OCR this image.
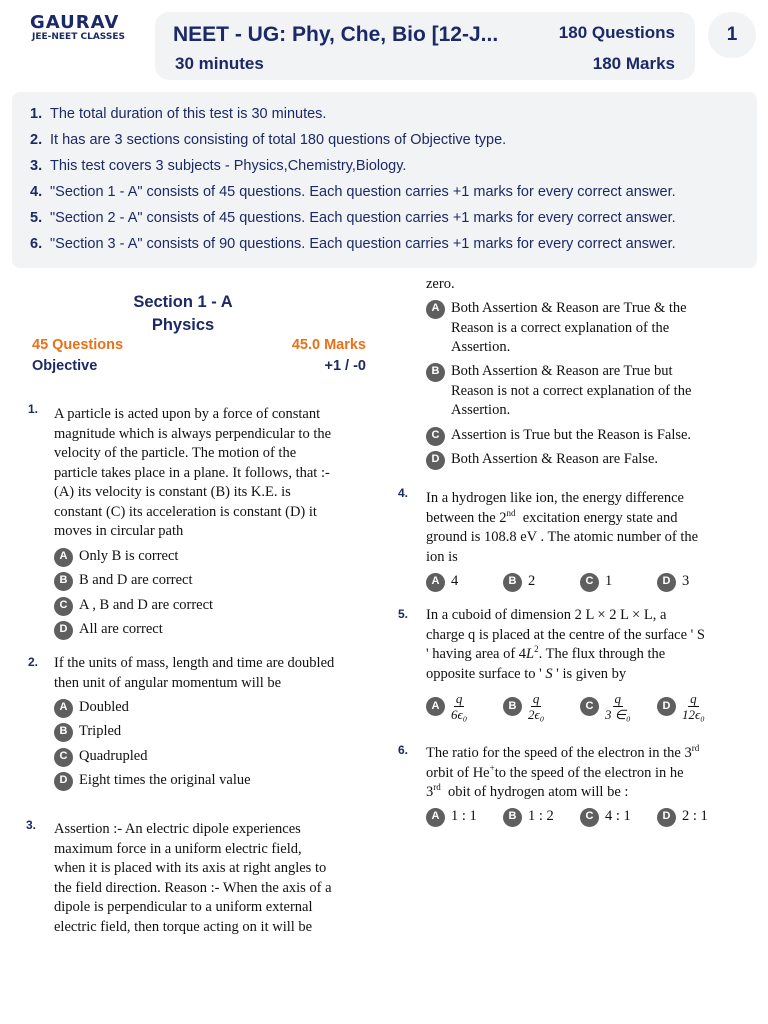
GAURAV
JEE-NEET CLASSES	NEET - UG: Phy, Che, Bio [12-J...	180 Questions
30 minutes	180 Marks
1
1. The total duration of this test is 30 minutes.
2. It has are 3 sections consisting of total 180 questions of Objective type.
3. This test covers 3 subjects - Physics,Chemistry,Biology.
4. "Section 1 - A" consists of 45 questions. Each question carries +1 marks for every correct answer.
5. "Section 2 - A" consists of 45 questions. Each question carries +1 marks for every correct answer.
6. "Section 3 - A" consists of 90 questions. Each question carries +1 marks for every correct answer.
Section 1 - A
Physics
45 Questions	45.0 Marks
Objective	+1 / -0
1. A particle is acted upon by a force of constant
magnitude which is always perpendicular to the
velocity of the particle. The motion of the
particle takes place in a plane. It follows, that :-
(A) its velocity is constant (B) its K.E. is
constant (C) its acceleration is constant (D) it
moves in circular path
A Only B is correct
B B and D are correct
C A , B and D are correct
D All are correct
2. If the units of mass, length and time are doubled
then unit of angular momentum will be
A Doubled
B Tripled
C Quadrupled
D Eight times the original value
3. Assertion :- An electric dipole experiences
maximum force in a uniform electric field,
when it is placed with its axis at right angles to
the field direction. Reason :- When the axis of a
dipole is perpendicular to a uniform external
electric field, then torque acting on it will be
zero.
A Both Assertion & Reason are True & the
Reason is a correct explanation of the
Assertion.
B Both Assertion & Reason are True but
Reason is not a correct explanation of the
Assertion.
C Assertion is True but the Reason is False.
D Both Assertion & Reason are False.
4. In a hydrogen like ion, the energy difference
between the 2nd  excitation energy state and
ground is 108.8 eV . The atomic number of the
ion is
A 4	B 2	C 1	D 3
5. In a cuboid of dimension 2 L × 2 L × L, a
charge q is placed at the centre of the surface ' S
' having area of $4L^2$. The flux through the
opposite surface to ' S ' is given by
A $\frac{q}{\text{6ϵ₀}}$	B $\frac{q}{\text{2ϵ₀}}$	C $\frac{q}{\text{3 ∈₀}}$	D $\frac{q}{\text{12ϵ₀}}$
6. The ratio for the speed of the electron in the 3rd
orbit of He+to the speed of the electron in he
3rd  obit of hydrogen atom will be :
A 1 : 1	B 1 : 2	C 4 : 1	D 2 : 1
